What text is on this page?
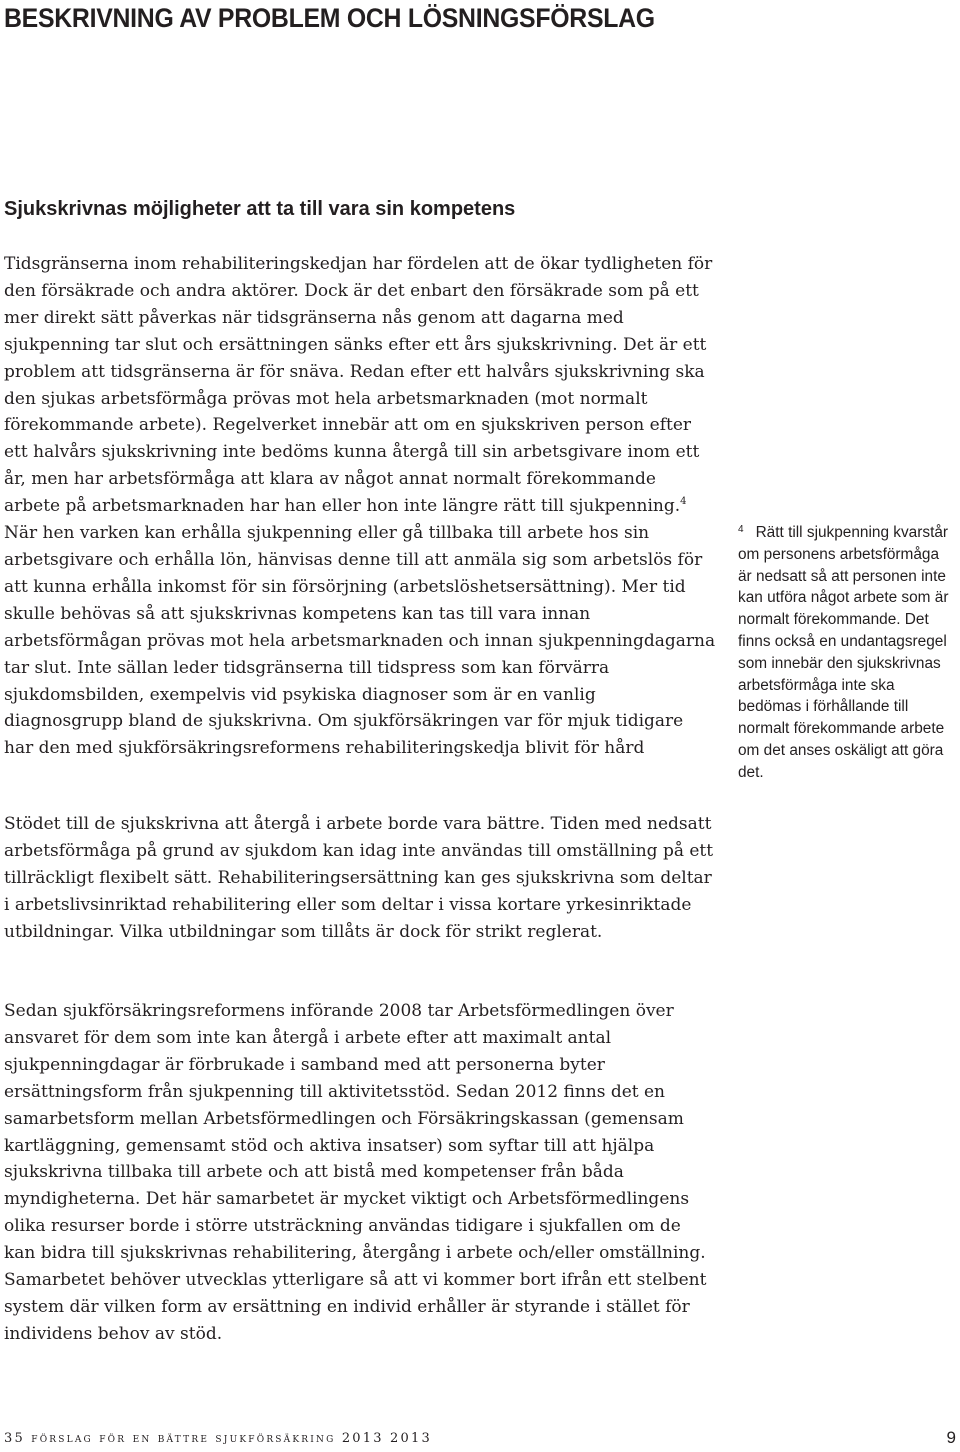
BESKRIVNING AV PROBLEM OCH LÖSNINGSFÖRSLAG
Sjukskrivnas möjligheter att ta till vara sin kompetens

Tidsgränserna inom rehabiliteringskedjan har fördelen att de ökar tydligheten för den försäkrade och andra aktörer. Dock är det enbart den försäkrade som på ett mer direkt sätt påverkas när tidsgränserna nås genom att dagarna med sjukpenning tar slut och ersättningen sänks efter ett års sjukskrivning. Det är ett problem att tidsgränserna är för snäva. Redan efter ett halvårs sjukskrivning ska den sjukas arbetsförmåga prövas mot hela arbetsmarknaden (mot normalt förekommande arbete). Regelverket innebär att om en sjukskriven person efter ett halvårs sjukskrivning inte bedöms kunna återgå till sin arbetsgivare inom ett år, men har arbetsförmåga att klara av något annat normalt förekommande arbete på arbetsmarknaden har han eller hon inte längre rätt till sjukpenning.$^4$ När hen varken kan erhålla sjukpenning eller gå tillbaka till arbete hos sin arbetsgivare och erhålla lön, hänvisas denne till att anmäla sig som arbetslös för att kunna erhålla inkomst för sin försörjning (arbetslöshetsersättning). Mer tid skulle behövas så att sjukskrivnas kompetens kan tas till vara innan arbetsförmågan prövas mot hela arbetsmarknaden och innan sjukpenningdagarna tar slut. Inte sällan leder tidsgränserna till tidspress som kan förvärra sjukdomsbilden, exempelvis vid psykiska diagnoser som är en vanlig diagnosgrupp bland de sjukskrivna. Om sjukförsäkringen var för mjuk tidigare har den med sjukförsäkringsreformens rehabiliteringskedja blivit för hård

Stödet till de sjukskrivna att återgå i arbete borde vara bättre. Tiden med nedsatt arbetsförmåga på grund av sjukdom kan idag inte användas till omställning på ett tillräckligt flexibelt sätt. Rehabiliteringsersättning kan ges sjukskrivna som deltar i arbetslivsinriktad rehabilitering eller som deltar i vissa kortare yrkesinriktade utbildningar. Vilka utbildningar som tillåts är dock för strikt reglerat.

Sedan sjukförsäkringsreformens införande 2008 tar Arbetsförmedlingen över ansvaret för dem som inte kan återgå i arbete efter att maximalt antal sjukpenningdagar är förbrukade i samband med att personerna byter ersättningsform från sjukpenning till aktivitetsstöd. Sedan 2012 finns det en samarbetsform mellan Arbetsförmedlingen och Försäkringskassan (gemensam kartläggning, gemensamt stöd och aktiva insatser) som syftar till att hjälpa sjukskrivna tillbaka till arbete och att bistå med kompetenser från båda myndigheterna. Det här samarbetet är mycket viktigt och Arbetsförmedlingens olika resurser borde i större utsträckning användas tidigare i sjukfallen om de kan bidra till sjukskrivnas rehabilitering, återgång i arbete och/eller omställning. Samarbetet behöver utvecklas ytterligare så att vi kommer bort ifrån ett stelbent system där vilken form av ersättning en individ erhåller är styrande i stället för individens behov av stöd.

$^4$ Rätt till sjukpenning kvarstår om personens arbetsförmåga är nedsatt så att personen inte kan utföra något arbete som är normalt förekommande. Det finns också en undantagsregel som innebär den sjukskrivnas arbetsförmåga inte ska bedömas i förhållande till normalt förekommande arbete om det anses oskäligt att göra det.

35 förslag för en bättre sjukförsäkring 2013 2013	9
